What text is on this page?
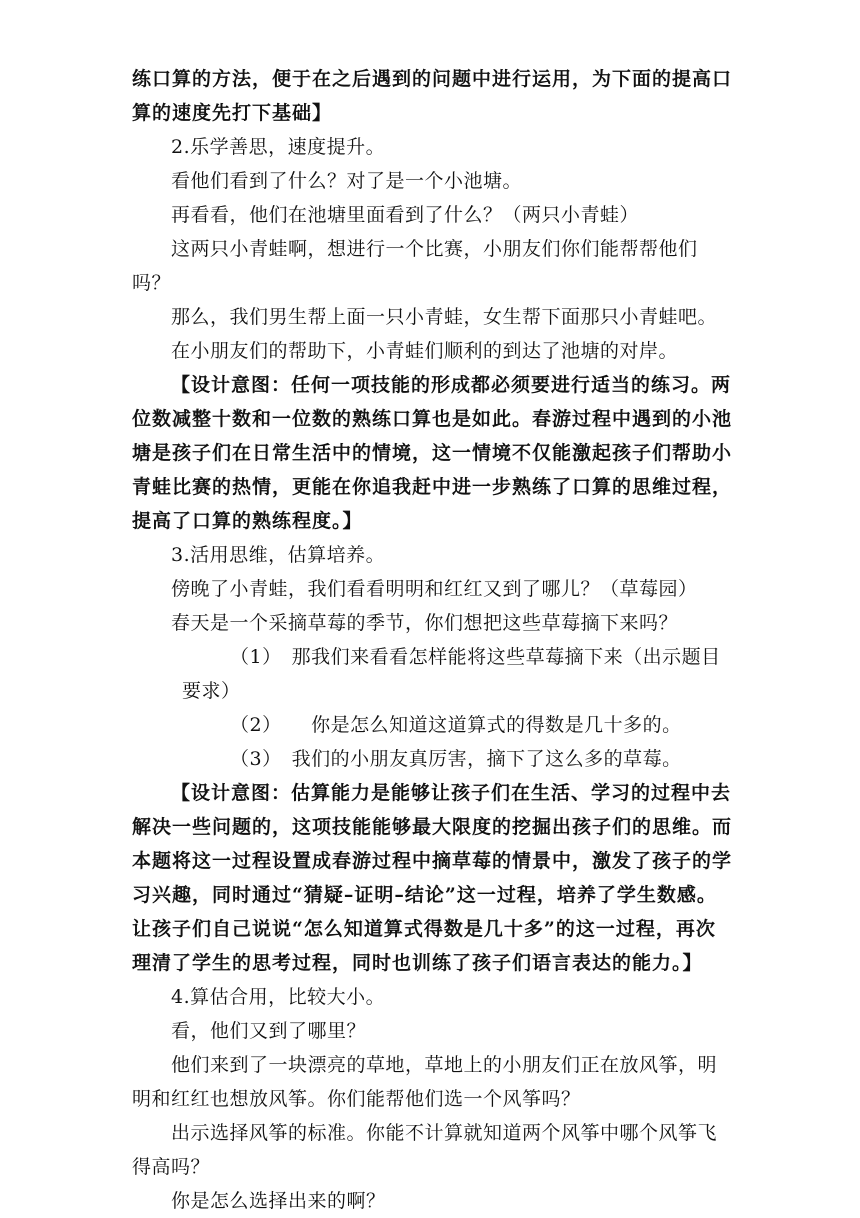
练口算的方法，便于在之后遇到的问题中进行运用，为下面的提高口
算的速度先打下基础】
2.乐学善思，速度提升。
看他们看到了什么？对了是一个小池塘。
再看看，他们在池塘里面看到了什么？（两只小青蛙）
这两只小青蛙啊，想进行一个比赛，小朋友们你们能帮帮他们
吗？
那么，我们男生帮上面一只小青蛙，女生帮下面那只小青蛙吧。
在小朋友们的帮助下，小青蛙们顺利的到达了池塘的对岸。
【设计意图：任何一项技能的形成都必须要进行适当的练习。两
位数减整十数和一位数的熟练口算也是如此。春游过程中遇到的小池
塘是孩子们在日常生活中的情境，这一情境不仅能激起孩子们帮助小
青蛙比赛的热情，更能在你追我赶中进一步熟练了口算的思维过程，
提高了口算的熟练程度。】
3.活用思维，估算培养。
傍晚了小青蛙，我们看看明明和红红又到了哪儿？（草莓园）
春天是一个采摘草莓的季节，你们想把这些草莓摘下来吗？
（1）　那我们来看看怎样能将这些草莓摘下来（出示题目
要求）
（2）　　你是怎么知道这道算式的得数是几十多的。
（3）　我们的小朋友真厉害，摘下了这么多的草莓。
【设计意图：估算能力是能够让孩子们在生活、学习的过程中去
解决一些问题的，这项技能能够最大限度的挖掘出孩子们的思维。而
本题将这一过程设置成春游过程中摘草莓的情景中，激发了孩子的学
习兴趣，同时通过“猜疑–证明–结论”这一过程，培养了学生数感。
让孩子们自己说说“怎么知道算式得数是几十多”的这一过程，再次
理清了学生的思考过程，同时也训练了孩子们语言表达的能力。】
4.算估合用，比较大小。
看，他们又到了哪里？
他们来到了一块漂亮的草地，草地上的小朋友们正在放风筝，明
明和红红也想放风筝。你们能帮他们选一个风筝吗？
出示选择风筝的标准。你能不计算就知道两个风筝中哪个风筝飞
得高吗？
你是怎么选择出来的啊？
